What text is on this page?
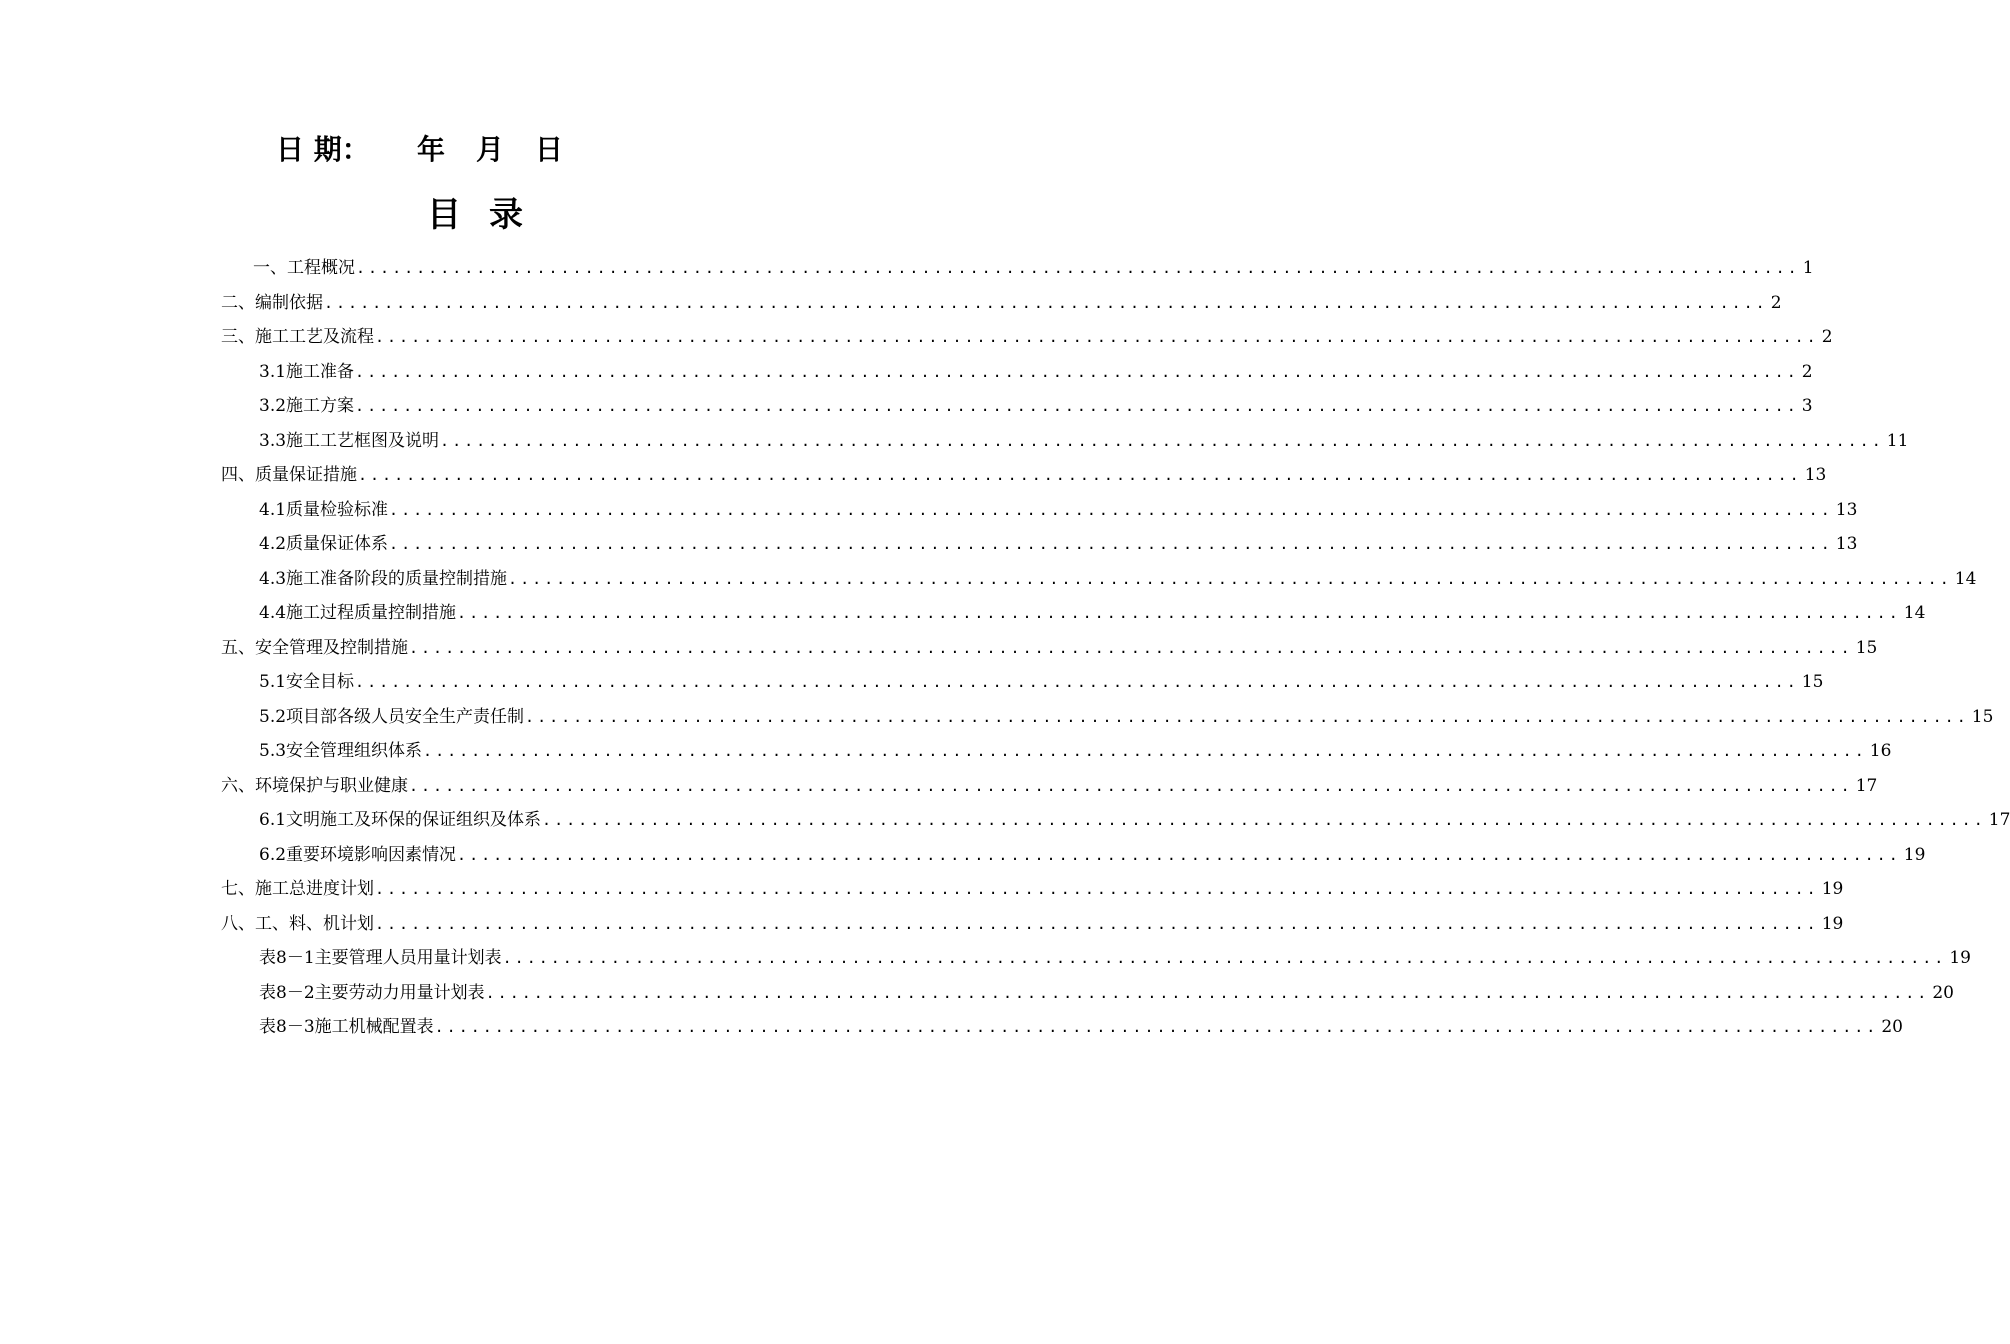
日 期： 年 月 日
目录
一、工程概况 ........................................................................................................................ 1
二、编制依据 ........................................................................................................................ 2
三、施工工艺及流程 ........................................................................................................................ 2
3.1 施工准备 ........................................................................................................................ 2
3.2 施工方案 ........................................................................................................................ 3
3.3 施工工艺框图及说明 ........................................................................................................................ 11
四、质量保证措施 ........................................................................................................................ 13
4.1 质量检验标准 ........................................................................................................................ 13
4.2 质量保证体系 ........................................................................................................................ 13
4.3 施工准备阶段的质量控制措施 ........................................................................................................................ 14
4.4 施工过程质量控制措施 ........................................................................................................................ 14
五、安全管理及控制措施 ........................................................................................................................ 15
5.1 安全目标 ........................................................................................................................ 15
5.2 项目部各级人员安全生产责任制 ........................................................................................................................ 15
5.3 安全管理组织体系 ........................................................................................................................ 16
六、环境保护与职业健康 ........................................................................................................................ 17
6.1 文明施工及环保的保证组织及体系 ........................................................................................................................ 17
6.2 重要环境影响因素情况 ........................................................................................................................ 19
七、施工总进度计划 ........................................................................................................................ 19
八、工、料、机计划 ........................................................................................................................ 19
表8－1 主要管理人员用量计划表 ........................................................................................................................ 19
表8－2 主要劳动力用量计划表 ........................................................................................................................ 20
表8－3 施工机械配置表 ........................................................................................................................ 20
